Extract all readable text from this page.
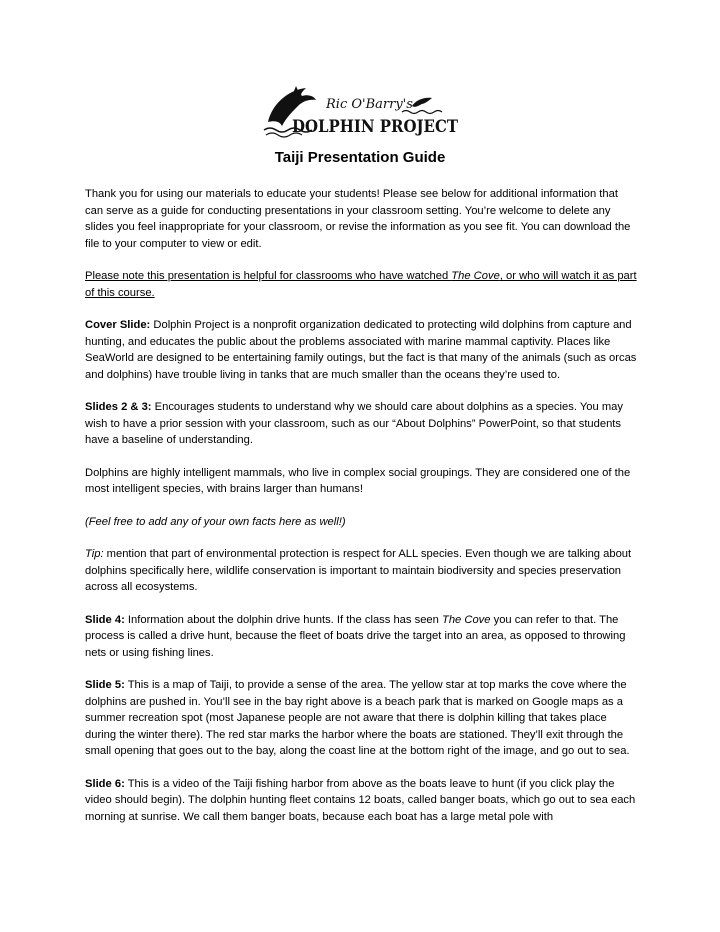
Ric O'Barry's
DOLPHIN PROJECT
Taiji Presentation Guide

Thank you for using our materials to educate your students! Please see below for additional information that can serve as a guide for conducting presentations in your classroom setting. You’re welcome to delete any slides you feel inappropriate for your classroom, or revise the information as you see fit. You can download the file to your computer to view or edit.

Please note this presentation is helpful for classrooms who have watched The Cove, or who will watch it as part of this course.

Cover Slide: Dolphin Project is a nonprofit organization dedicated to protecting wild dolphins from capture and hunting, and educates the public about the problems associated with marine mammal captivity. Places like SeaWorld are designed to be entertaining family outings, but the fact is that many of the animals (such as orcas and dolphins) have trouble living in tanks that are much smaller than the oceans they’re used to.

Slides 2 & 3: Encourages students to understand why we should care about dolphins as a species. You may wish to have a prior session with your classroom, such as our “About Dolphins” PowerPoint, so that students have a baseline of understanding.

Dolphins are highly intelligent mammals, who live in complex social groupings. They are considered one of the most intelligent species, with brains larger than humans!

(Feel free to add any of your own facts here as well!)

Tip: mention that part of environmental protection is respect for ALL species. Even though we are talking about dolphins specifically here, wildlife conservation is important to maintain biodiversity and species preservation across all ecosystems.

Slide 4: Information about the dolphin drive hunts. If the class has seen The Cove you can refer to that. The process is called a drive hunt, because the fleet of boats drive the target into an area, as opposed to throwing nets or using fishing lines.

Slide 5: This is a map of Taiji, to provide a sense of the area. The yellow star at top marks the cove where the dolphins are pushed in. You’ll see in the bay right above is a beach park that is marked on Google maps as a summer recreation spot (most Japanese people are not aware that there is dolphin killing that takes place during the winter there). The red star marks the harbor where the boats are stationed. They’ll exit through the small opening that goes out to the bay, along the coast line at the bottom right of the image, and go out to sea.

Slide 6: This is a video of the Taiji fishing harbor from above as the boats leave to hunt (if you click play the video should begin). The dolphin hunting fleet contains 12 boats, called banger boats, which go out to sea each morning at sunrise. We call them banger boats, because each boat has a large metal pole with
